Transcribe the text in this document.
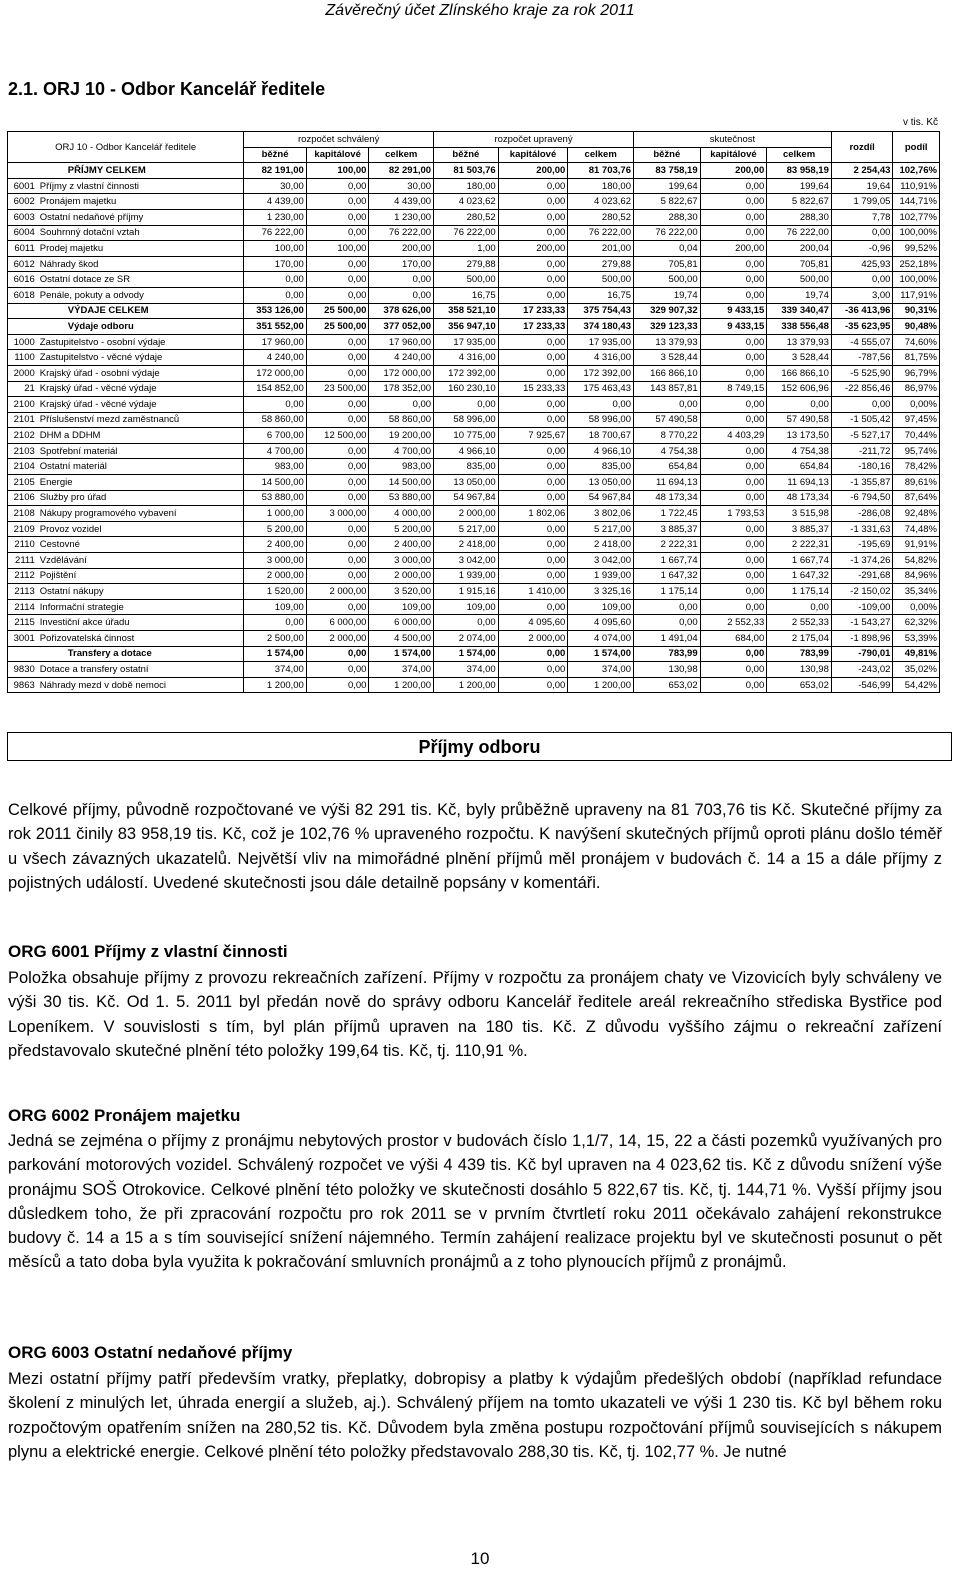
Závěrečný účet Zlínského kraje za rok 2011
2.1. ORJ 10 - Odbor Kancelář ředitele
v tis. Kč
ORJ 10 - Odbor Kancelář ředitele		rozpočet schválený			rozpočet upravený			skutečnost			rozdíl	podíl
		běžné	kapitálové	celkem	běžné	kapitálové	celkem	běžné	kapitálové	celkem		
	PŘÍJMY CELKEM	82 191,00	100,00	82 291,00	81 503,76	200,00	81 703,76	83 758,19	200,00	83 958,19	2 254,43	102,76%
6001	Příjmy z vlastní činnosti	30,00	0,00	30,00	180,00	0,00	180,00	199,64	0,00	199,64	19,64	110,91%
6002	Pronájem majetku	4 439,00	0,00	4 439,00	4 023,62	0,00	4 023,62	5 822,67	0,00	5 822,67	1 799,05	144,71%
6003	Ostatní nedaňové příjmy	1 230,00	0,00	1 230,00	280,52	0,00	280,52	288,30	0,00	288,30	7,78	102,77%
6004	Souhrnný dotační vztah	76 222,00	0,00	76 222,00	76 222,00	0,00	76 222,00	76 222,00	0,00	76 222,00	0,00	100,00%
6011	Prodej majetku	100,00	100,00	200,00	1,00	200,00	201,00	0,04	200,00	200,04	-0,96	99,52%
6012	Náhrady škod	170,00	0,00	170,00	279,88	0,00	279,88	705,81	0,00	705,81	425,93	252,18%
6016	Ostatní dotace ze SR	0,00	0,00	0,00	500,00	0,00	500,00	500,00	0,00	500,00	0,00	100,00%
6018	Penále, pokuty a odvody	0,00	0,00	0,00	16,75	0,00	16,75	19,74	0,00	19,74	3,00	117,91%
	VÝDAJE CELKEM	353 126,00	25 500,00	378 626,00	358 521,10	17 233,33	375 754,43	329 907,32	9 433,15	339 340,47	-36 413,96	90,31%
	Výdaje odboru	351 552,00	25 500,00	377 052,00	356 947,10	17 233,33	374 180,43	329 123,33	9 433,15	338 556,48	-35 623,95	90,48%
1000	Zastupitelstvo - osobní výdaje	17 960,00	0,00	17 960,00	17 935,00	0,00	17 935,00	13 379,93	0,00	13 379,93	-4 555,07	74,60%
1100	Zastupitelstvo - věcné výdaje	4 240,00	0,00	4 240,00	4 316,00	0,00	4 316,00	3 528,44	0,00	3 528,44	-787,56	81,75%
2000	Krajský úřad - osobní výdaje	172 000,00	0,00	172 000,00	172 392,00	0,00	172 392,00	166 866,10	0,00	166 866,10	-5 525,90	96,79%
21	Krajský úřad - věcné výdaje	154 852,00	23 500,00	178 352,00	160 230,10	15 233,33	175 463,43	143 857,81	8 749,15	152 606,96	-22 856,46	86,97%
2100	Krajský úřad - věcné výdaje	0,00	0,00	0,00	0,00	0,00	0,00	0,00	0,00	0,00	0,00	0,00%
2101	Příslušenství mezd zaměstnanců	58 860,00	0,00	58 860,00	58 996,00	0,00	58 996,00	57 490,58	0,00	57 490,58	-1 505,42	97,45%
2102	DHM a DDHM	6 700,00	12 500,00	19 200,00	10 775,00	7 925,67	18 700,67	8 770,22	4 403,29	13 173,50	-5 527,17	70,44%
2103	Spotřební materiál	4 700,00	0,00	4 700,00	4 966,10	0,00	4 966,10	4 754,38	0,00	4 754,38	-211,72	95,74%
2104	Ostatní materiál	983,00	0,00	983,00	835,00	0,00	835,00	654,84	0,00	654,84	-180,16	78,42%
2105	Energie	14 500,00	0,00	14 500,00	13 050,00	0,00	13 050,00	11 694,13	0,00	11 694,13	-1 355,87	89,61%
2106	Služby pro úřad	53 880,00	0,00	53 880,00	54 967,84	0,00	54 967,84	48 173,34	0,00	48 173,34	-6 794,50	87,64%
2108	Nákupy programového vybavení	1 000,00	3 000,00	4 000,00	2 000,00	1 802,06	3 802,06	1 722,45	1 793,53	3 515,98	-286,08	92,48%
2109	Provoz vozidel	5 200,00	0,00	5 200,00	5 217,00	0,00	5 217,00	3 885,37	0,00	3 885,37	-1 331,63	74,48%
2110	Cestovné	2 400,00	0,00	2 400,00	2 418,00	0,00	2 418,00	2 222,31	0,00	2 222,31	-195,69	91,91%
2111	Vzdělávání	3 000,00	0,00	3 000,00	3 042,00	0,00	3 042,00	1 667,74	0,00	1 667,74	-1 374,26	54,82%
2112	Pojištění	2 000,00	0,00	2 000,00	1 939,00	0,00	1 939,00	1 647,32	0,00	1 647,32	-291,68	84,96%
2113	Ostatní nákupy	1 520,00	2 000,00	3 520,00	1 915,16	1 410,00	3 325,16	1 175,14	0,00	1 175,14	-2 150,02	35,34%
2114	Informační strategie	109,00	0,00	109,00	109,00	0,00	109,00	0,00	0,00	0,00	-109,00	0,00%
2115	Investiční akce úřadu	0,00	6 000,00	6 000,00	0,00	4 095,60	4 095,60	0,00	2 552,33	2 552,33	-1 543,27	62,32%
3001	Pořizovatelská činnost	2 500,00	2 000,00	4 500,00	2 074,00	2 000,00	4 074,00	1 491,04	684,00	2 175,04	-1 898,96	53,39%
	Transfery a dotace	1 574,00	0,00	1 574,00	1 574,00	0,00	1 574,00	783,99	0,00	783,99	-790,01	49,81%
9830	Dotace a transfery ostatní	374,00	0,00	374,00	374,00	0,00	374,00	130,98	0,00	130,98	-243,02	35,02%
9863	Náhrady mezd v době nemoci	1 200,00	0,00	1 200,00	1 200,00	0,00	1 200,00	653,02	0,00	653,02	-546,99	54,42%
Příjmy odboru
Celkové příjmy, původně rozpočtované ve výši 82 291 tis. Kč, byly průběžně upraveny na 81 703,76 tis Kč. Skutečné příjmy za rok 2011 činily 83 958,19 tis. Kč, což je 102,76 % upraveného rozpočtu. K navýšení skutečných příjmů oproti plánu došlo téměř u všech závazných ukazatelů. Největší vliv na mimořádné plnění příjmů měl pronájem v budovách č. 14 a 15 a dále příjmy z pojistných událostí. Uvedené skutečnosti jsou dále detailně popsány v komentáři.
ORG 6001 Příjmy z vlastní činnosti
Položka obsahuje příjmy z provozu rekreačních zařízení. Příjmy v rozpočtu za pronájem chaty ve Vizovicích byly schváleny ve výši 30 tis. Kč. Od 1. 5. 2011 byl předán nově do správy odboru Kancelář ředitele areál rekreačního střediska Bystřice pod Lopeníkem. V souvislosti s tím, byl plán příjmů upraven na 180 tis. Kč. Z důvodu vyššího zájmu o rekreační zařízení představovalo skutečné plnění této položky 199,64 tis. Kč, tj. 110,91 %.
ORG 6002 Pronájem majetku
Jedná se zejména o příjmy z pronájmu nebytových prostor v budovách číslo 1,1/7, 14, 15, 22 a části pozemků využívaných pro parkování motorových vozidel. Schválený rozpočet ve výši 4 439 tis. Kč byl upraven na 4 023,62 tis. Kč z důvodu snížení výše pronájmu SOŠ Otrokovice. Celkové plnění této položky ve skutečnosti dosáhlo 5 822,67 tis. Kč, tj. 144,71 %. Vyšší příjmy jsou důsledkem toho, že při zpracování rozpočtu pro rok 2011 se v prvním čtvrtletí roku 2011 očekávalo zahájení rekonstrukce budovy č. 14 a 15 a s tím související snížení nájemného. Termín zahájení realizace projektu byl ve skutečnosti posunut o pět měsíců a tato doba byla využita k pokračování smluvních pronájmů a z toho plynoucích příjmů z pronájmů.
ORG 6003 Ostatní nedaňové příjmy
Mezi ostatní příjmy patří především vratky, přeplatky, dobropisy a platby k výdajům předešlých období (například refundace školení z minulých let, úhrada energií a služeb, aj.). Schválený příjem na tomto ukazateli ve výši 1 230 tis. Kč byl během roku rozpočtovým opatřením snížen na 280,52 tis. Kč. Důvodem byla změna postupu rozpočtování příjmů souvisejících s nákupem plynu a elektrické energie. Celkové plnění této položky představovalo 288,30 tis. Kč, tj. 102,77 %. Je nutné
10
